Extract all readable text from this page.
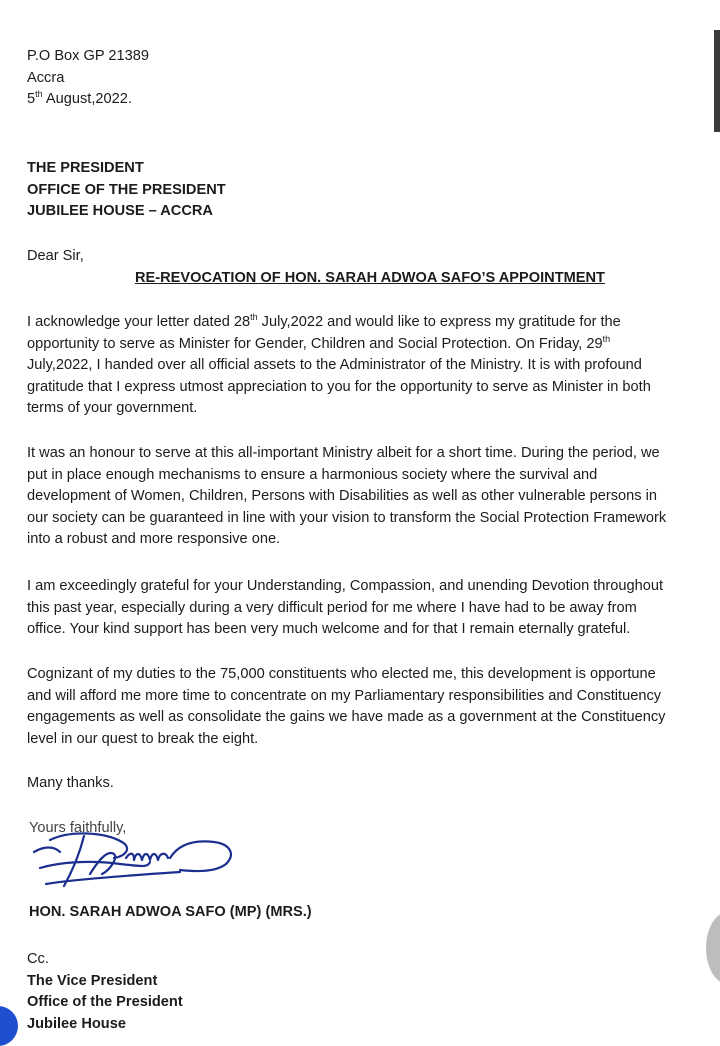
P.O Box GP 21389
Accra
5th August,2022.
THE PRESIDENT
OFFICE OF THE PRESIDENT
JUBILEE HOUSE – ACCRA
Dear Sir,
RE-REVOCATION OF HON. SARAH ADWOA SAFO’S APPOINTMENT
I acknowledge your letter dated 28th July,2022 and would like to express my gratitude for the
opportunity to serve as Minister for Gender, Children and Social Protection. On Friday, 29th
July,2022, I handed over all official assets to the Administrator of the Ministry. It is with profound
gratitude that I express utmost appreciation to you for the opportunity to serve as Minister in both
terms of your government.
It was an honour to serve at this all-important Ministry albeit for a short time. During the period, we
put in place enough mechanisms to ensure a harmonious society where the survival and
development of Women, Children, Persons with Disabilities as well as other vulnerable persons in
our society can be guaranteed in line with your vision to transform the Social Protection Framework
into a robust and more responsive one.
I am exceedingly grateful for your Understanding, Compassion, and unending Devotion throughout
this past year, especially during a very difficult period for me where I have had to be away from
office. Your kind support has been very much welcome and for that I remain eternally grateful.
Cognizant of my duties to the 75,000 constituents who elected me, this development is opportune
and will afford me more time to concentrate on my Parliamentary responsibilities and Constituency
engagements as well as consolidate the gains we have made as a government at the Constituency
level in our quest to break the eight.
Many thanks.
Yours faithfully,
HON. SARAH ADWOA SAFO (MP) (MRS.)
Cc.
The Vice President
Office of the President
Jubilee House
